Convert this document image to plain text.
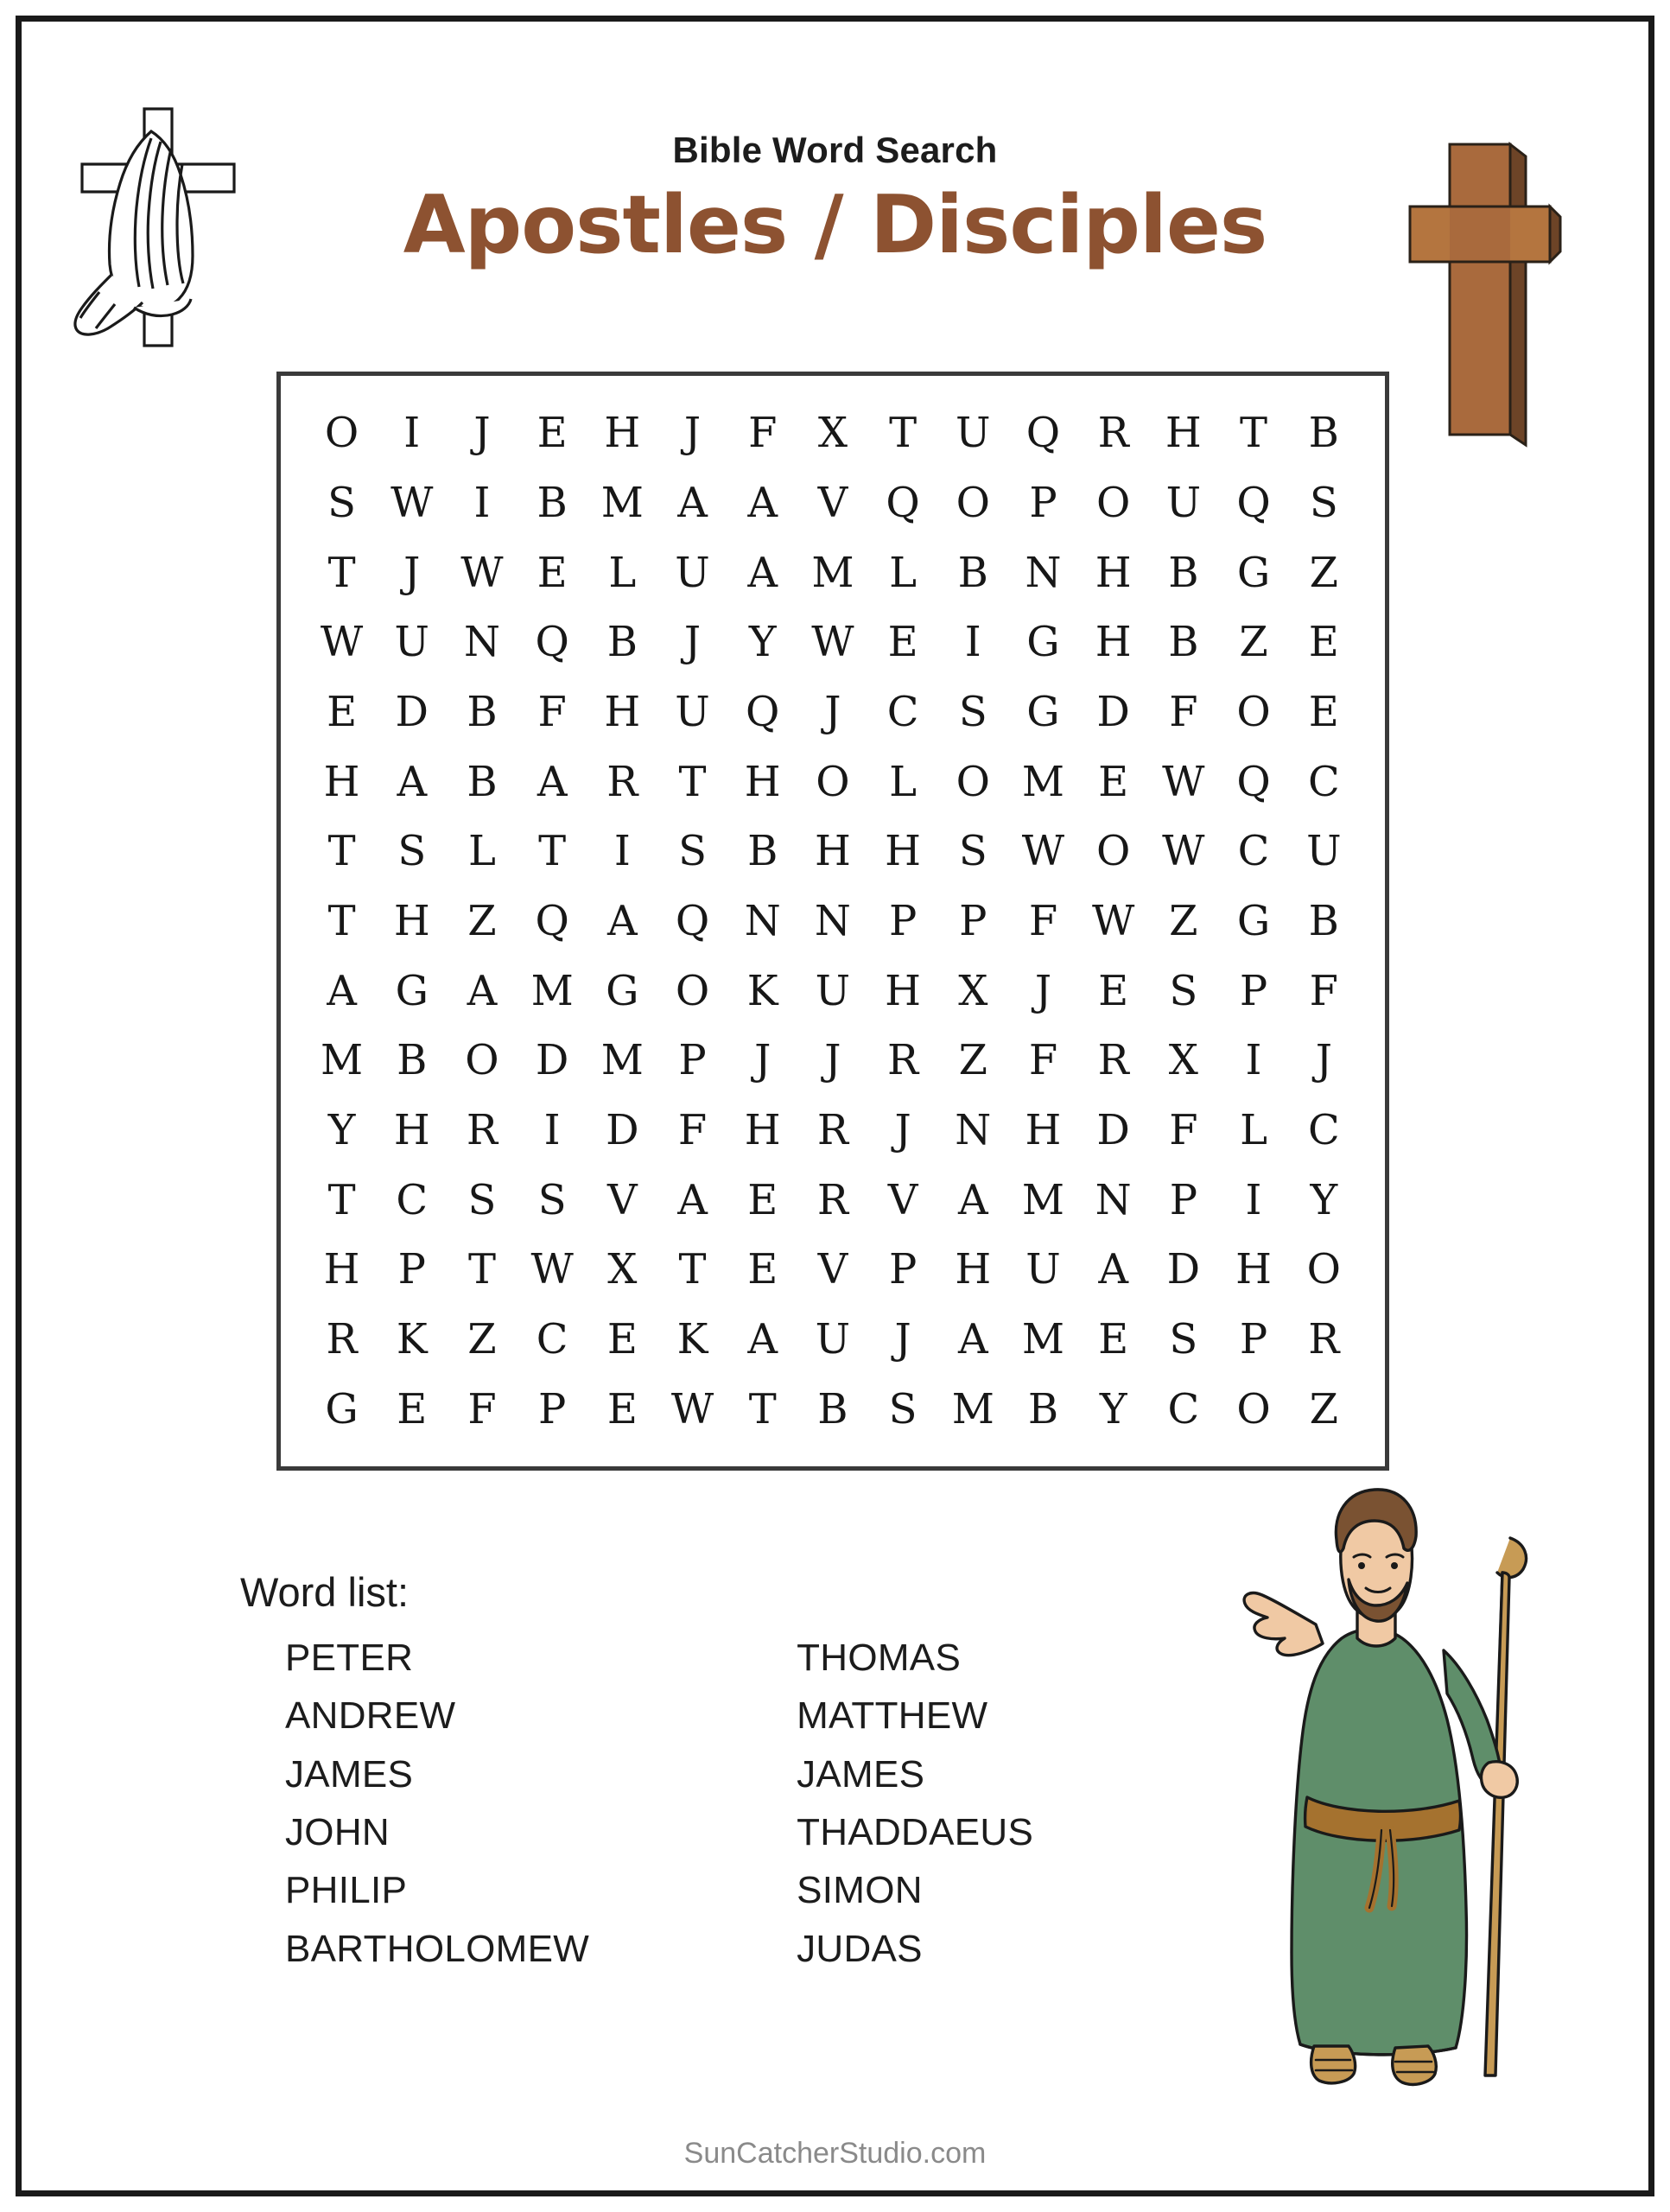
Bible Word Search
Apostles / Disciples
O	I	J	E	H	J	F	X	T	U	Q	R	H	T	B
S	W	I	B	M	A	A	V	Q	O	P	O	U	Q	S
T	J	W	E	L	U	A	M	L	B	N	H	B	G	Z
W	U	N	Q	B	J	Y	W	E	I	G	H	B	Z	E
E	D	B	F	H	U	Q	J	C	S	G	D	F	O	E
H	A	B	A	R	T	H	O	L	O	M	E	W	Q	C
T	S	L	T	I	S	B	H	H	S	W	O	W	C	U
T	H	Z	Q	A	Q	N	N	P	P	F	W	Z	G	B
A	G	A	M	G	O	K	U	H	X	J	E	S	P	F
M	B	O	D	M	P	J	J	R	Z	F	R	X	I	J
Y	H	R	I	D	F	H	R	J	N	H	D	F	L	C
T	C	S	S	V	A	E	R	V	A	M	N	P	I	Y
H	P	T	W	X	T	E	V	P	H	U	A	D	H	O
R	K	Z	C	E	K	A	U	J	A	M	E	S	P	R
G	E	F	P	E	W	T	B	S	M	B	Y	C	O	Z
Word list:
PETER
ANDREW
JAMES
JOHN
PHILIP
BARTHOLOMEW
THOMAS
MATTHEW
JAMES
THADDAEUS
SIMON
JUDAS
SunCatcherStudio.com
